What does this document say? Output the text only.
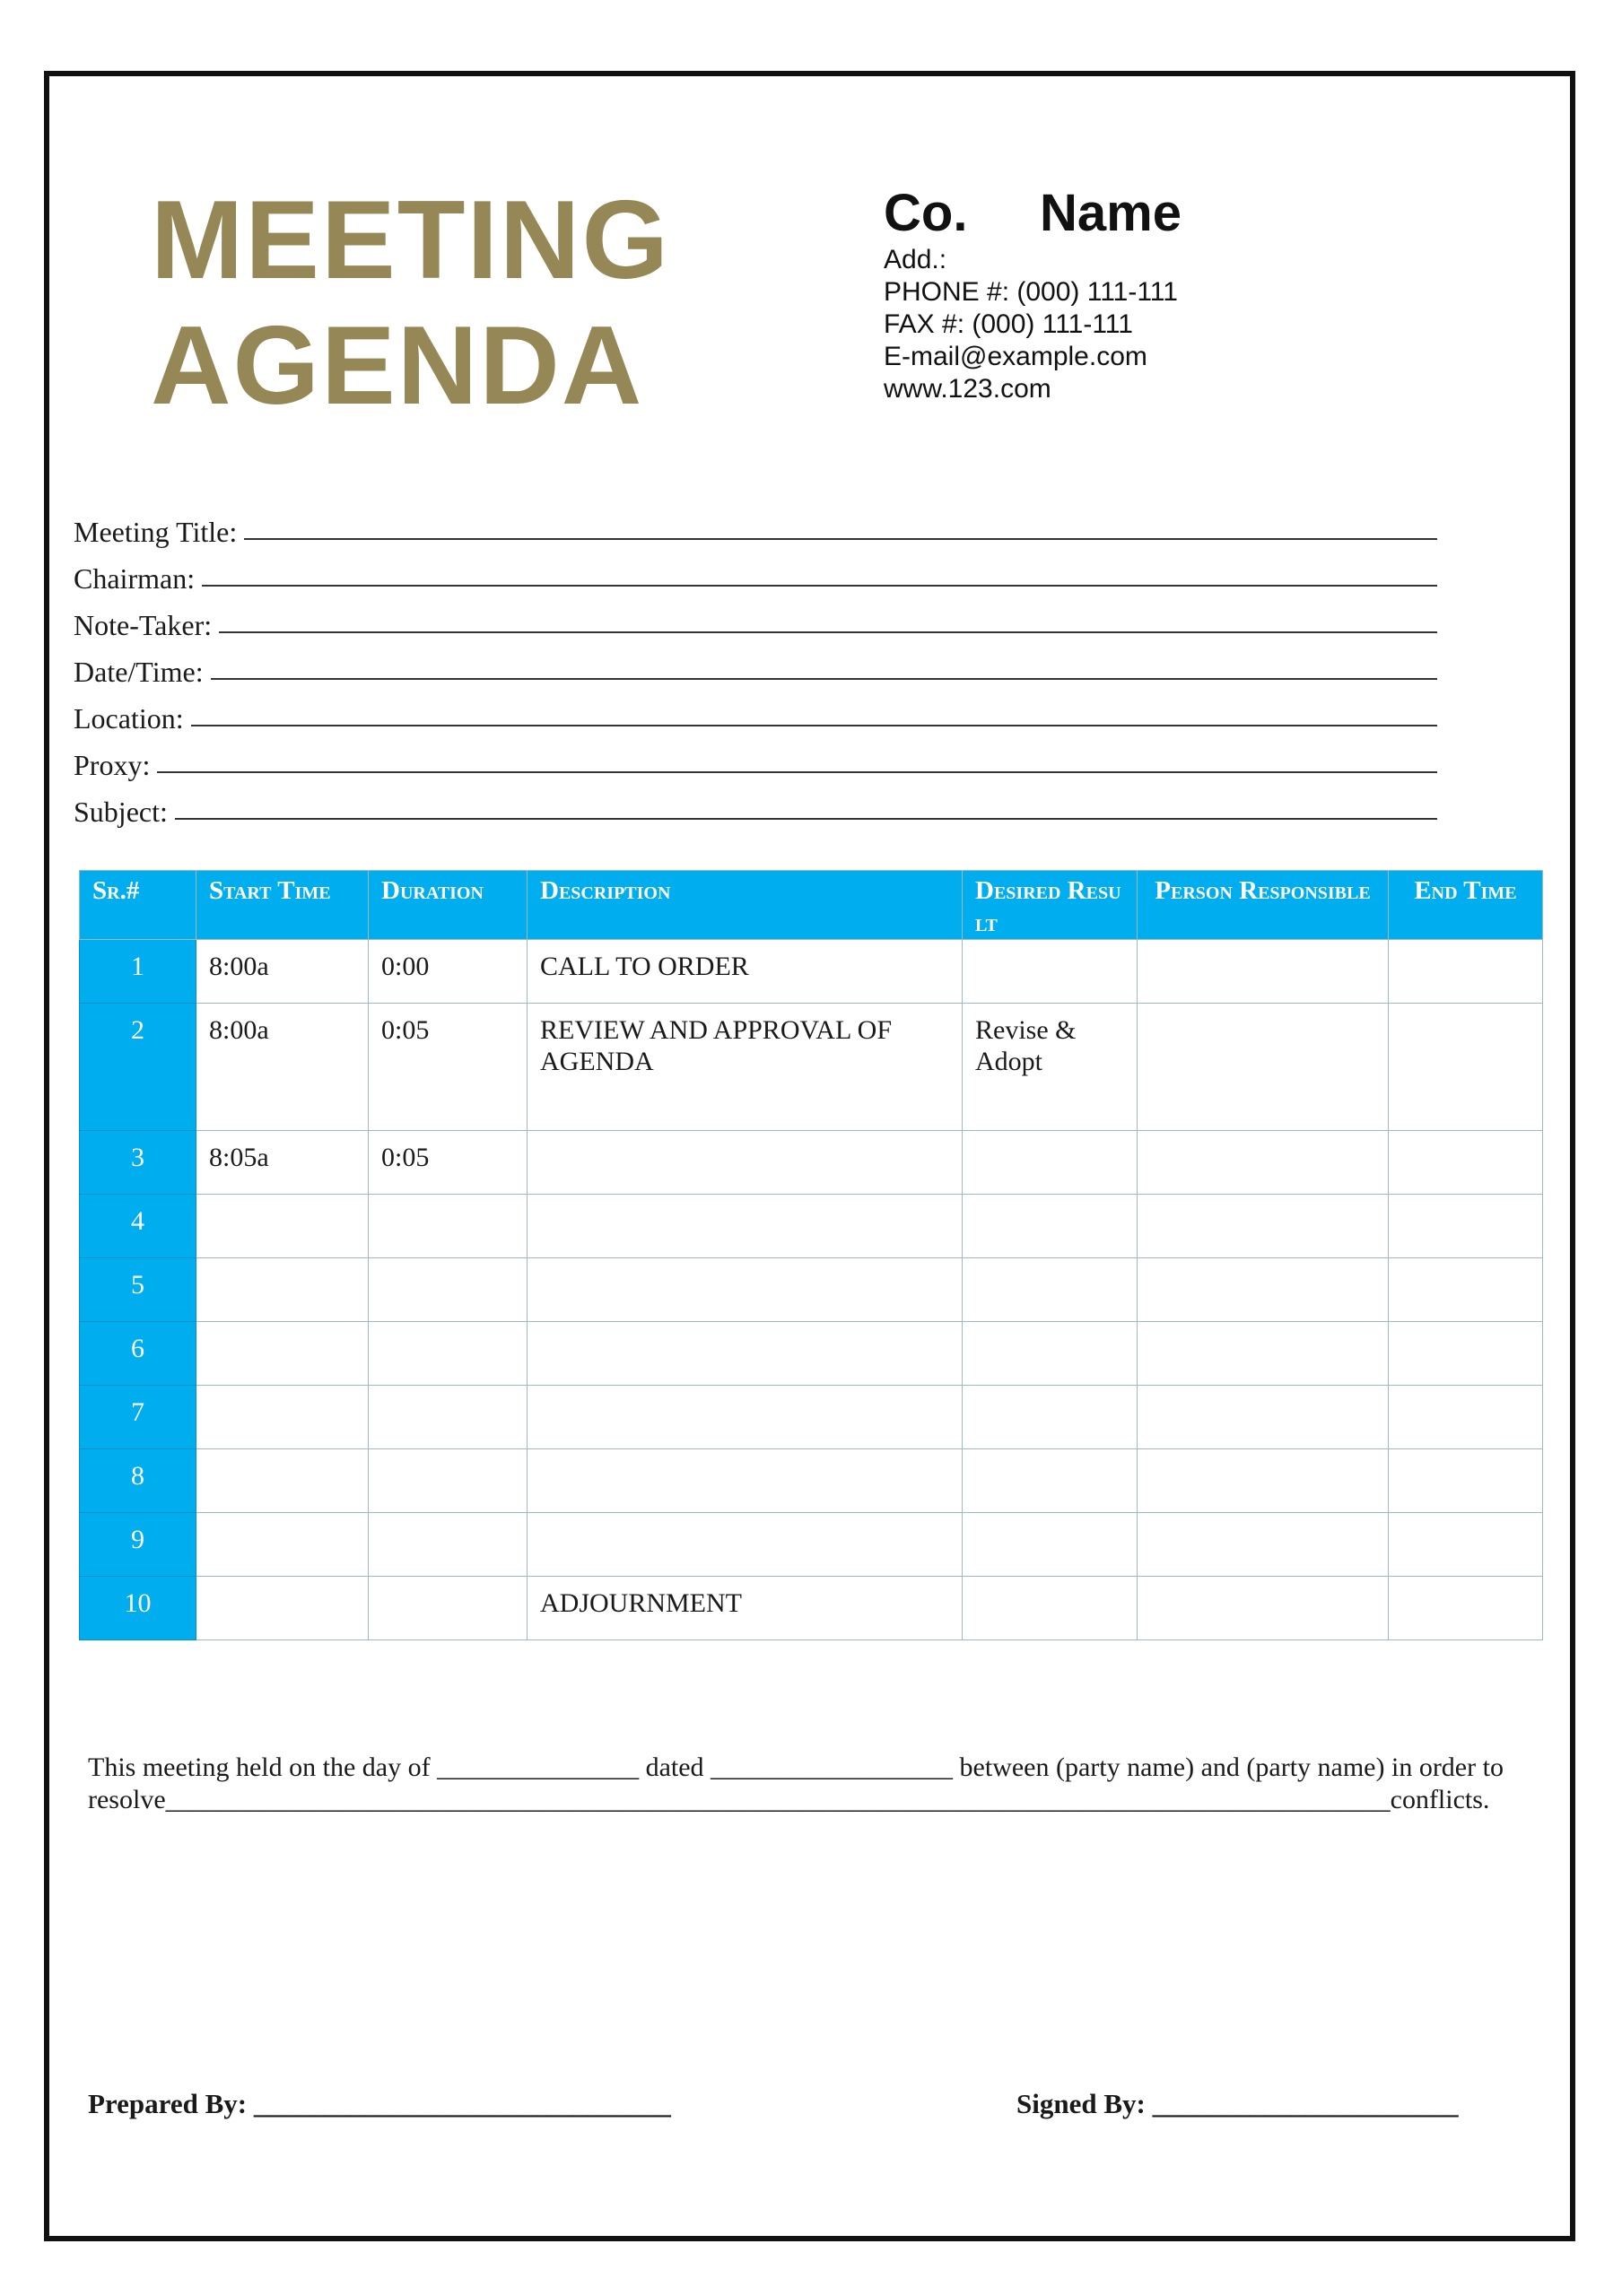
MEETING
AGENDA
Co.     Name
Add.:
PHONE #: (000) 111-111
FAX #: (000) 111-111
E-mail@example.com
www.123.com
Meeting Title:
Chairman:
Note-Taker:
Date/Time:
Location:
Proxy:
Subject:
Sr.#	Start Time	Duration	Description	Desired Result	Person Responsible	End Time
1	8:00a	0:00	CALL TO ORDER			
2	8:00a	0:05	REVIEW AND APPROVAL OF AGENDA	Revise & Adopt		
3	8:05a	0:05				
4						
5						
6						
7						
8						
9						
10			ADJOURNMENT			
This meeting held on the day of _______________ dated __________________ between (party name) and (party name) in order to resolve___________________________________________________________________________________________conflicts.
Prepared By: ______________________________	Signed By: ______________________
